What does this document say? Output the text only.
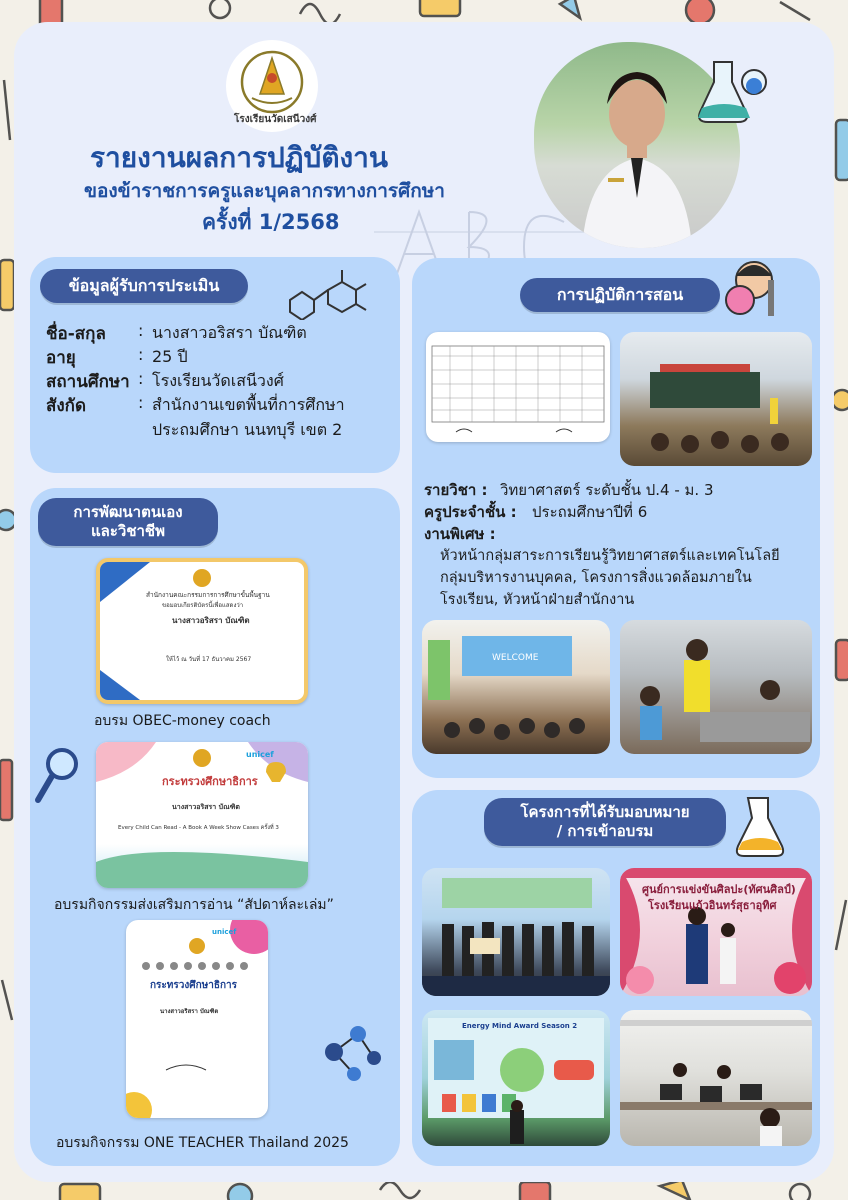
โรงเรียนวัดเสนีวงศ์
รายงานผลการปฏิบัติงาน
ของข้าราชการครูและบุคลากรทางการศึกษา
ครั้งที่ 1/2568
ข้อมูลผู้รับการประเมิน
ชื่อ-สกุล : นางสาวอริสรา บัณฑิต
อายุ	: 25 ปี
สถานศึกษา : โรงเรียนวัดเสนีวงศ์
สังกัด	: สำนักงานเขตพื้นที่การศึกษา
ประถมศึกษา นนทบุรี เขต 2
การปฏิบัติการสอน
รายวิชา : วิทยาศาสตร์ ระดับชั้น ป.4 - ม. 3
ครูประจำชั้น : ประถมศึกษาปีที่ 6
งานพิเศษ :
หัวหน้ากลุ่มสาระการเรียนรู้วิทยาศาสตร์และเทคโนโลยี
กลุ่มบริหารงานบุคคล, โครงการสิ่งแวดล้อมภายใน
โรงเรียน, หัวหน้าฝ่ายสำนักงาน
WELCOME
การพัฒนาตนเอง
และวิชาชีพ
สำนักงานคณะกรรมการการศึกษาขั้นพื้นฐาน
ขอมอบเกียรติบัตรนี้เพื่อแสดงว่า
นางสาวอริสรา บัณฑิต
ให้ไว้ ณ วันที่ 17 ธันวาคม 2567
อบรม OBEC-money coach
unicef
กระทรวงศึกษาธิการ
นางสาวอริสรา บัณฑิต
Every Child Can Read - A Book A Week Show Cases ครั้งที่ 3
อบรมกิจกรรมส่งเสริมการอ่าน “สัปดาห์ละเล่ม”
unicef
กระทรวงศึกษาธิการ
นางสาวอริสรา บัณฑิต
อบรมกิจกรรม ONE TEACHER Thailand 2025
โครงการที่ได้รับมอบหมาย
/ การเข้าอบรม
ศูนย์การแข่งขันศิลปะ(ทัศนศิลป์)
โรงเรียนแก้วอินทร์สุธาอุทิศ
Energy Mind Award Season 2
